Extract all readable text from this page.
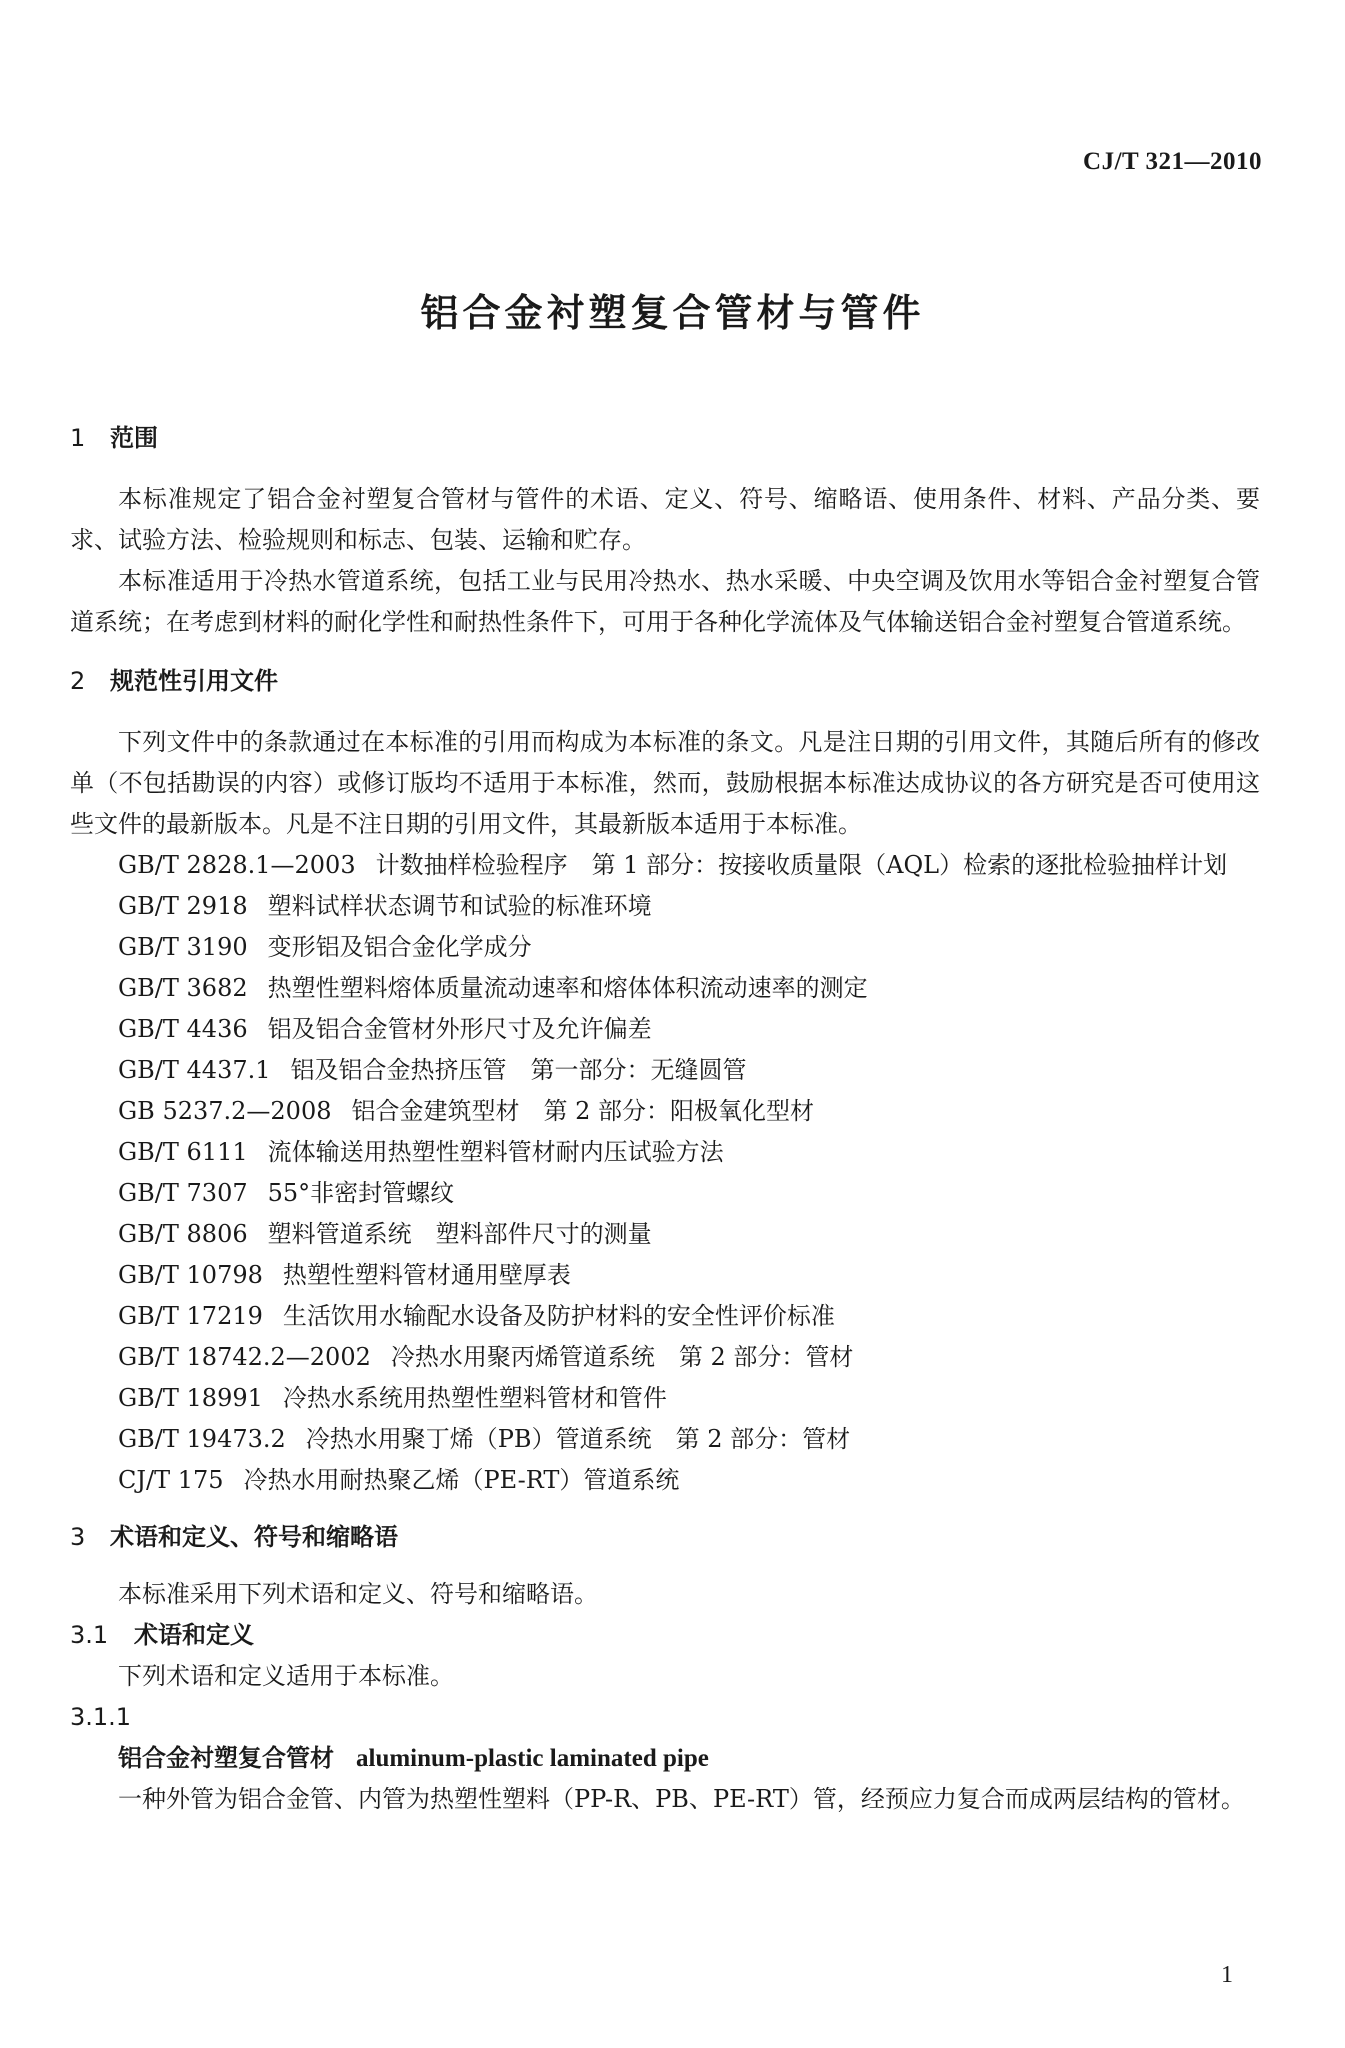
CJ/T 321—2010
铝合金衬塑复合管材与管件
1 范围

本标准规定了铝合金衬塑复合管材与管件的术语、定义、符号、缩略语、使用条件、材料、产品分类、要求、试验方法、检验规则和标志、包装、运输和贮存。

本标准适用于冷热水管道系统，包括工业与民用冷热水、热水采暖、中央空调及饮用水等铝合金衬塑复合管道系统；在考虑到材料的耐化学性和耐热性条件下，可用于各种化学流体及气体输送铝合金衬塑复合管道系统。

2 规范性引用文件

下列文件中的条款通过在本标准的引用而构成为本标准的条文。凡是注日期的引用文件，其随后所有的修改单（不包括勘误的内容）或修订版均不适用于本标准，然而，鼓励根据本标准达成协议的各方研究是否可使用这些文件的最新版本。凡是不注日期的引用文件，其最新版本适用于本标准。

GB/T 2828.1—2003 计数抽样检验程序　第 1 部分：按接收质量限（AQL）检索的逐批检验抽样计划

GB/T 2918 塑料试样状态调节和试验的标准环境

GB/T 3190 变形铝及铝合金化学成分

GB/T 3682 热塑性塑料熔体质量流动速率和熔体体积流动速率的测定

GB/T 4436 铝及铝合金管材外形尺寸及允许偏差

GB/T 4437.1 铝及铝合金热挤压管　第一部分：无缝圆管

GB 5237.2—2008 铝合金建筑型材　第 2 部分：阳极氧化型材

GB/T 6111 流体输送用热塑性塑料管材耐内压试验方法

GB/T 7307 55°非密封管螺纹

GB/T 8806 塑料管道系统　塑料部件尺寸的测量

GB/T 10798 热塑性塑料管材通用壁厚表

GB/T 17219 生活饮用水输配水设备及防护材料的安全性评价标准

GB/T 18742.2—2002 冷热水用聚丙烯管道系统　第 2 部分：管材

GB/T 18991 冷热水系统用热塑性塑料管材和管件

GB/T 19473.2 冷热水用聚丁烯（PB）管道系统　第 2 部分：管材

CJ/T 175 冷热水用耐热聚乙烯（PE-RT）管道系统

3 术语和定义、符号和缩略语

本标准采用下列术语和定义、符号和缩略语。

3.1 术语和定义

下列术语和定义适用于本标准。

3.1.1

铝合金衬塑复合管材 aluminum-plastic laminated pipe

一种外管为铝合金管、内管为热塑性塑料（PP-R、PB、PE-RT）管，经预应力复合而成两层结构的管材。

1
